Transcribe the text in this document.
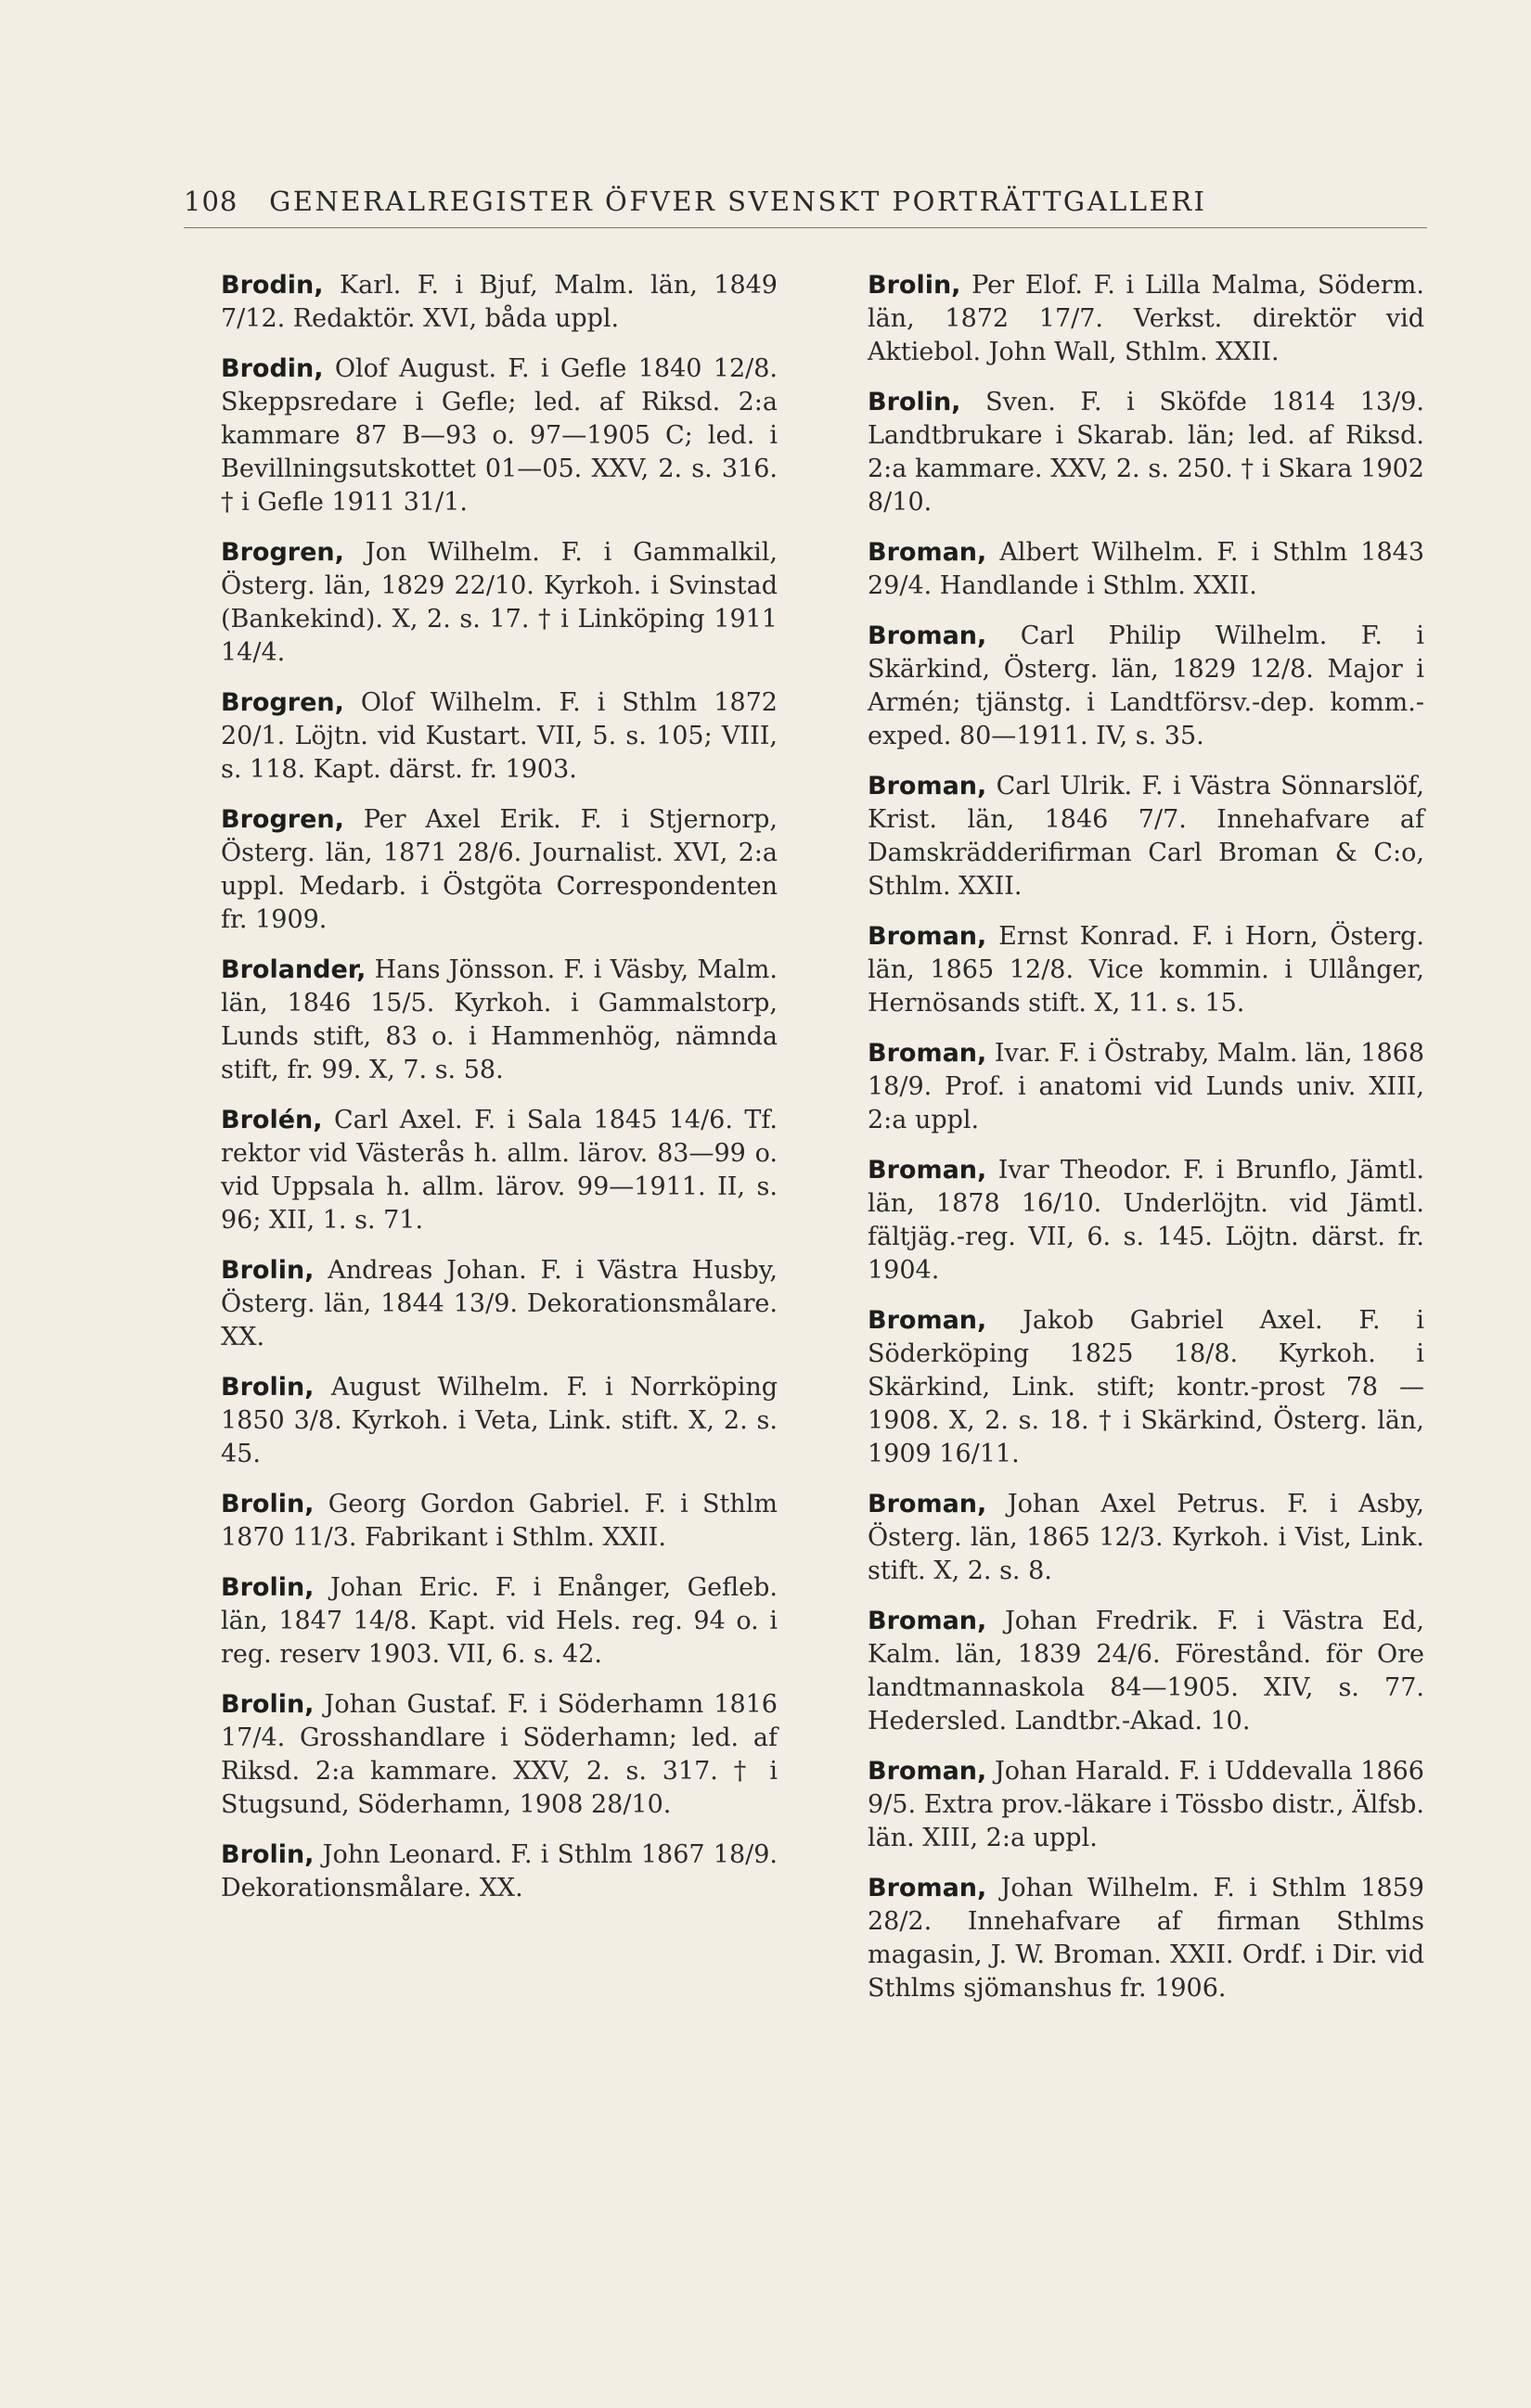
108 GENERALREGISTER ÖFVER SVENSKT PORTRÄTTGALLERI
Brodin, Karl. F. i Bjuf, Malm. län, 1849 7/12. Redaktör. XVI, båda uppl.
Brodin, Olof August. F. i Gefle 1840 12/8. Skeppsredare i Gefle; led. af Riksd. 2:a kammare 87 B—93 o. 97—1905 C; led. i Bevillningsutskottet 01—05. XXV, 2. s. 316. † i Gefle 1911 31/1.
Brogren, Jon Wilhelm. F. i Gammalkil, Österg. län, 1829 22/10. Kyrkoh. i Svinstad (Bankekind). X, 2. s. 17. † i Linköping 1911 14/4.
Brogren, Olof Wilhelm. F. i Sthlm 1872 20/1. Löjtn. vid Kustart. VII, 5. s. 105; VIII, s. 118. Kapt. därst. fr. 1903.
Brogren, Per Axel Erik. F. i Stjernorp, Österg. län, 1871 28/6. Journalist. XVI, 2:a uppl. Medarb. i Östgöta Correspondenten fr. 1909.
Brolander, Hans Jönsson. F. i Väsby, Malm. län, 1846 15/5. Kyrkoh. i Gammalstorp, Lunds stift, 83 o. i Hammenhög, nämnda stift, fr. 99. X, 7. s. 58.
Brolén, Carl Axel. F. i Sala 1845 14/6. Tf. rektor vid Västerås h. allm. lärov. 83—99 o. vid Uppsala h. allm. lärov. 99—1911. II, s. 96; XII, 1. s. 71.
Brolin, Andreas Johan. F. i Västra Husby, Österg. län, 1844 13/9. Dekorationsmålare. XX.
Brolin, August Wilhelm. F. i Norrköping 1850 3/8. Kyrkoh. i Veta, Link. stift. X, 2. s. 45.
Brolin, Georg Gordon Gabriel. F. i Sthlm 1870 11/3. Fabrikant i Sthlm. XXII.
Brolin, Johan Eric. F. i Enånger, Gefleb. län, 1847 14/8. Kapt. vid Hels. reg. 94 o. i reg. reserv 1903. VII, 6. s. 42.
Brolin, Johan Gustaf. F. i Söderhamn 1816 17/4. Grosshandlare i Söderhamn; led. af Riksd. 2:a kammare. XXV, 2. s. 317. † i Stugsund, Söderhamn, 1908 28/10.
Brolin, John Leonard. F. i Sthlm 1867 18/9. Dekorationsmålare. XX.
Brolin, Per Elof. F. i Lilla Malma, Söderm. län, 1872 17/7. Verkst. direktör vid Aktiebol. John Wall, Sthlm. XXII.
Brolin, Sven. F. i Sköfde 1814 13/9. Landtbrukare i Skarab. län; led. af Riksd. 2:a kammare. XXV, 2. s. 250. † i Skara 1902 8/10.
Broman, Albert Wilhelm. F. i Sthlm 1843 29/4. Handlande i Sthlm. XXII.
Broman, Carl Philip Wilhelm. F. i Skärkind, Österg. län, 1829 12/8. Major i Armén; tjänstg. i Landtförsv.-dep. komm.-exped. 80—1911. IV, s. 35.
Broman, Carl Ulrik. F. i Västra Sönnarslöf, Krist. län, 1846 7/7. Innehafvare af Damskrädderifirman Carl Broman & C:o, Sthlm. XXII.
Broman, Ernst Konrad. F. i Horn, Österg. län, 1865 12/8. Vice kommin. i Ullånger, Hernösands stift. X, 11. s. 15.
Broman, Ivar. F. i Östraby, Malm. län, 1868 18/9. Prof. i anatomi vid Lunds univ. XIII, 2:a uppl.
Broman, Ivar Theodor. F. i Brunflo, Jämtl. län, 1878 16/10. Underlöjtn. vid Jämtl. fältjäg.-reg. VII, 6. s. 145. Löjtn. därst. fr. 1904.
Broman, Jakob Gabriel Axel. F. i Söderköping 1825 18/8. Kyrkoh. i Skärkind, Link. stift; kontr.-prost 78 —1908. X, 2. s. 18. † i Skärkind, Österg. län, 1909 16/11.
Broman, Johan Axel Petrus. F. i Asby, Österg. län, 1865 12/3. Kyrkoh. i Vist, Link. stift. X, 2. s. 8.
Broman, Johan Fredrik. F. i Västra Ed, Kalm. län, 1839 24/6. Förestånd. för Ore landtmannaskola 84—1905. XIV, s. 77. Hedersled. Landtbr.-Akad. 10.
Broman, Johan Harald. F. i Uddevalla 1866 9/5. Extra prov.-läkare i Tössbo distr., Älfsb. län. XIII, 2:a uppl.
Broman, Johan Wilhelm. F. i Sthlm 1859 28/2. Innehafvare af firman Sthlms magasin, J. W. Broman. XXII. Ordf. i Dir. vid Sthlms sjömanshus fr. 1906.
